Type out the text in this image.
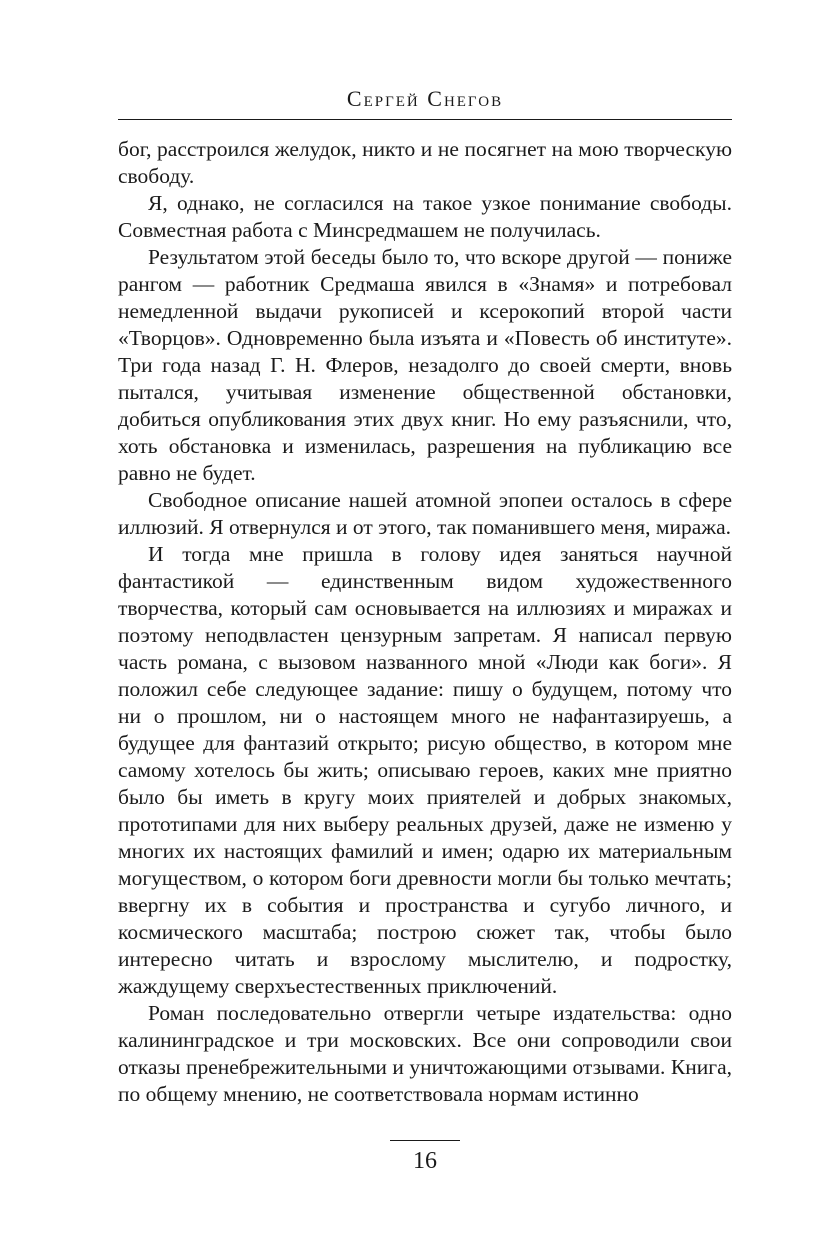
Сергей Снегов

бог, расстроился желудок, никто и не посягнет на мою творческую свободу.

Я, однако, не согласился на такое узкое понимание свободы. Совместная работа с Минсредмашем не получилась.

Результатом этой беседы было то, что вскоре другой — пониже рангом — работник Средмаша явился в «Знамя» и потребовал немедленной выдачи рукописей и ксерокопий второй части «Творцов». Одновременно была изъята и «Повесть об институте». Три года назад Г. Н. Флеров, незадолго до своей смерти, вновь пытался, учитывая изменение общественной обстановки, добиться опубликования этих двух книг. Но ему разъяснили, что, хоть обстановка и изменилась, разрешения на публикацию все равно не будет.

Свободное описание нашей атомной эпопеи осталось в сфере иллюзий. Я отвернулся и от этого, так поманившего меня, миража.

И тогда мне пришла в голову идея заняться научной фантастикой — единственным видом художественного творчества, который сам основывается на иллюзиях и миражах и поэтому неподвластен цензурным запретам. Я написал первую часть романа, с вызовом названного мной «Люди как боги». Я положил себе следующее задание: пишу о будущем, потому что ни о прошлом, ни о настоящем много не нафантазируешь, а будущее для фантазий открыто; рисую общество, в котором мне самому хотелось бы жить; описываю героев, каких мне приятно было бы иметь в кругу моих приятелей и добрых знакомых, прототипами для них выберу реальных друзей, даже не изменю у многих их настоящих фамилий и имен; одарю их материальным могуществом, о котором боги древности могли бы только мечтать; ввергну их в события и пространства и сугубо личного, и космического масштаба; построю сюжет так, чтобы было интересно читать и взрослому мыслителю, и подростку, жаждущему сверхъестественных приключений.

Роман последовательно отвергли четыре издательства: одно калининградское и три московских. Все они сопроводили свои отказы пренебрежительными и уничтожающими отзывами. Книга, по общему мнению, не соответствовала нормам истинно

16
